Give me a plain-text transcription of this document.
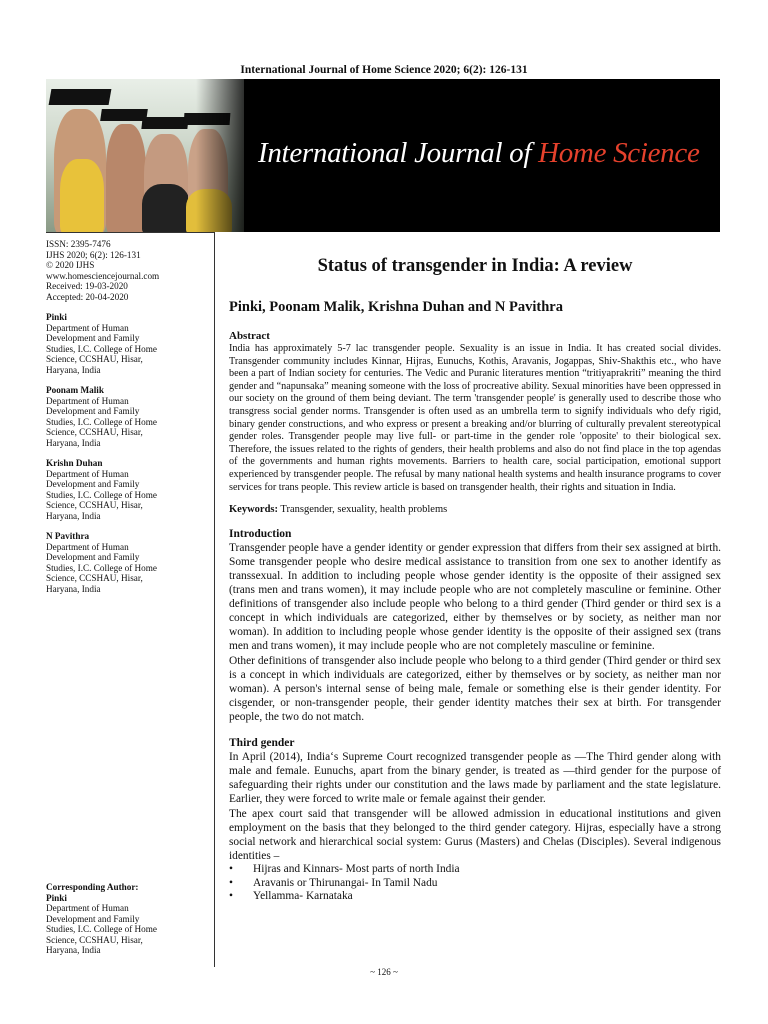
International Journal of Home Science 2020; 6(2): 126-131
International Journal of Home Science
ISSN: 2395-7476
IJHS 2020; 6(2): 126-131
© 2020 IJHS
www.homesciencejournal.com
Received: 19-03-2020
Accepted: 20-04-2020
Pinki
Department of Human
Development and Family
Studies, I.C. College of Home
Science, CCSHAU, Hisar,
Haryana, India
Poonam Malik
Department of Human
Development and Family
Studies, I.C. College of Home
Science, CCSHAU, Hisar,
Haryana, India
Krishn Duhan
Department of Human
Development and Family
Studies, I.C. College of Home
Science, CCSHAU, Hisar,
Haryana, India
N Pavithra
Department of Human
Development and Family
Studies, I.C. College of Home
Science, CCSHAU, Hisar,
Haryana, India
Corresponding Author:
Pinki
Department of Human
Development and Family
Studies, I.C. College of Home
Science, CCSHAU, Hisar,
Haryana, India
Status of transgender in India: A review
Pinki, Poonam Malik, Krishna Duhan and N Pavithra
Abstract
India has approximately 5-7 lac transgender people. Sexuality is an issue in India. It has created social divides. Transgender community includes Kinnar, Hijras, Eunuchs, Kothis, Aravanis, Jogappas, Shiv-Shakthis etc., who have been a part of Indian society for centuries. The Vedic and Puranic literatures mention “tritiyaprakriti” meaning the third gender and “napunsaka” meaning someone with the loss of procreative ability. Sexual minorities have been oppressed in our society on the ground of them being deviant. The term 'transgender people' is generally used to describe those who transgress social gender norms. Transgender is often used as an umbrella term to signify individuals who defy rigid, binary gender constructions, and who express or present a breaking and/or blurring of culturally prevalent stereotypical gender roles. Transgender people may live full- or part-time in the gender role 'opposite' to their biological sex. Therefore, the issues related to the rights of genders, their health problems and also do not find place in the top agendas of the governments and human rights movements. Barriers to health care, social participation, emotional support experienced by transgender people. The refusal by many national health systems and health insurance programs to cover services for trans people. This review article is based on transgender health, their rights and situation in India.
Keywords: Transgender, sexuality, health problems
Introduction
Transgender people have a gender identity or gender expression that differs from their sex assigned at birth. Some transgender people who desire medical assistance to transition from one sex to another identify as transsexual. In addition to including people whose gender identity is the opposite of their assigned sex (trans men and trans women), it may include people who are not completely masculine or feminine. Other definitions of transgender also include people who belong to a third gender (Third gender or third sex is a concept in which individuals are categorized, either by themselves or by society, as neither man nor woman). In addition to including people whose gender identity is the opposite of their assigned sex (trans men and trans women), it may include people who are not completely masculine or feminine.
Other definitions of transgender also include people who belong to a third gender (Third gender or third sex is a concept in which individuals are categorized, either by themselves or by society, as neither man nor woman). A person's internal sense of being male, female or something else is their gender identity. For cisgender, or non-transgender people, their gender identity matches their sex at birth. For transgender people, the two do not match.
Third gender
In April (2014), India‘s Supreme Court recognized transgender people as ―The Third gender along with male and female. Eunuchs, apart from the binary gender, is treated as ―third gender for the purpose of safeguarding their rights under our constitution and the laws made by parliament and the state legislature. Earlier, they were forced to write male or female against their gender.
The apex court said that transgender will be allowed admission in educational institutions and given employment on the basis that they belonged to the third gender category. Hijras, especially have a strong social network and hierarchical social system: Gurus (Masters) and Chelas (Disciples). Several indigenous identities –
• Hijras and Kinnars- Most parts of north India
• Aravanis or Thirunangai- In Tamil Nadu
• Yellamma- Karnataka
~ 126 ~
